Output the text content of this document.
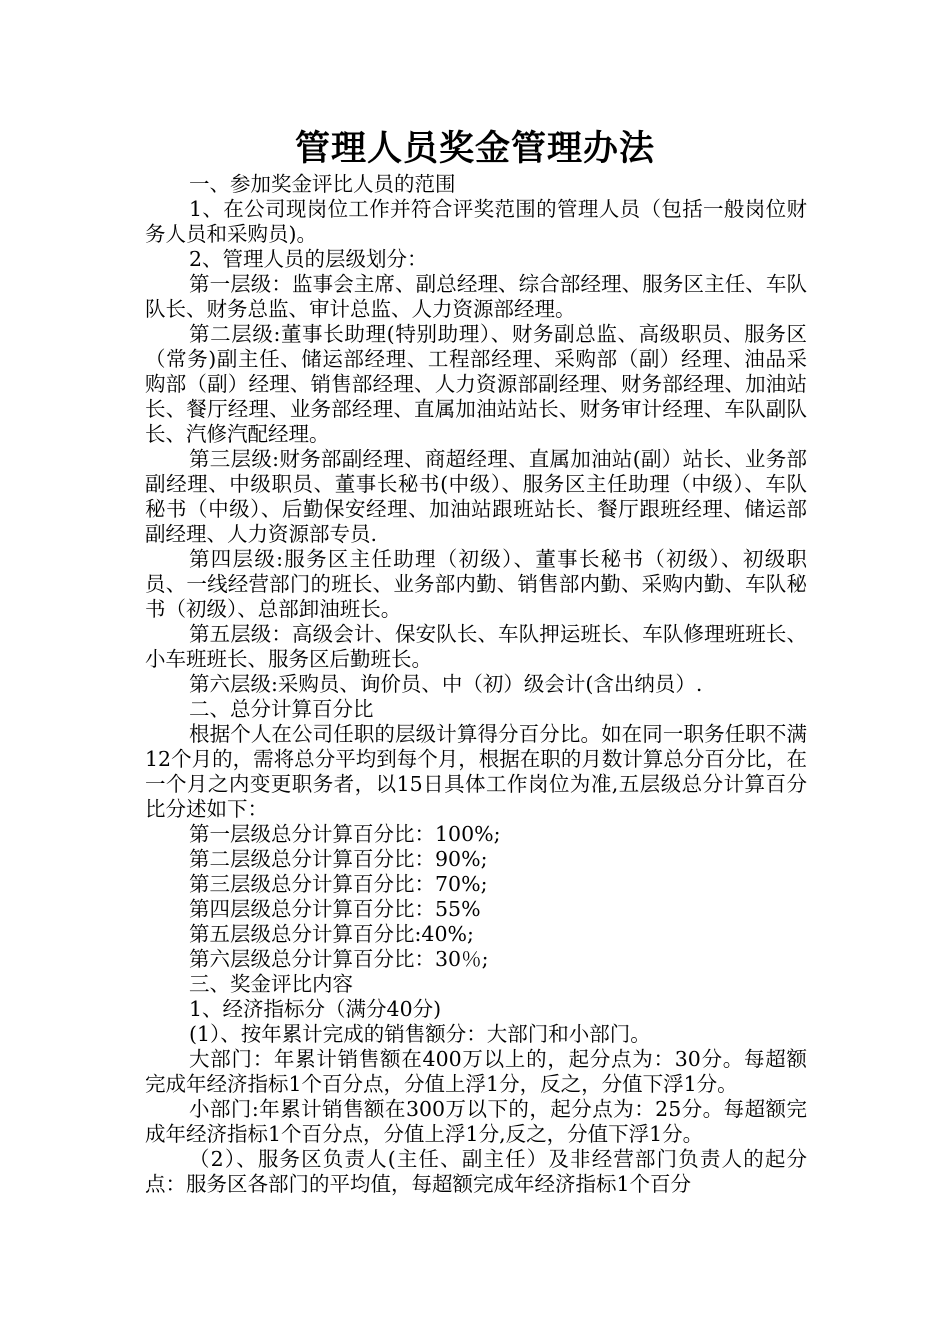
管理人员奖金管理办法

一、参加奖金评比人员的范围

1、在公司现岗位工作并符合评奖范围的管理人员（包括一般岗位财务人员和采购员)。

2、管理人员的层级划分：

第一层级：监事会主席、副总经理、综合部经理、服务区主任、车队队长、财务总监、审计总监、人力资源部经理。

第二层级:董事长助理(特别助理）、财务副总监、高级职员、服务区（常务)副主任、储运部经理、工程部经理、采购部（副）经理、油品采购部（副）经理、销售部经理、人力资源部副经理、财务部经理、加油站长、餐厅经理、业务部经理、直属加油站站长、财务审计经理、车队副队长、汽修汽配经理。

第三层级:财务部副经理、商超经理、直属加油站(副）站长、业务部副经理、中级职员、董事长秘书(中级）、服务区主任助理（中级）、车队秘书（中级）、后勤保安经理、加油站跟班站长、餐厅跟班经理、储运部副经理、人力资源部专员.

第四层级:服务区主任助理（初级）、董事长秘书（初级）、初级职员、一线经营部门的班长、业务部内勤、销售部内勤、采购内勤、车队秘书（初级）、总部卸油班长。

第五层级：高级会计、保安队长、车队押运班长、车队修理班班长、小车班班长、服务区后勤班长。

第六层级:采购员、询价员、中（初）级会计(含出纳员）.

二、总分计算百分比

根据个人在公司任职的层级计算得分百分比。如在同一职务任职不满12个月的，需将总分平均到每个月，根据在职的月数计算总分百分比，在一个月之内变更职务者，以15日具体工作岗位为准,五层级总分计算百分比分述如下：

第一层级总分计算百分比：100%;

第二层级总分计算百分比：90%;

第三层级总分计算百分比：70%;

第四层级总分计算百分比：55%

第五层级总分计算百分比:40%;

第六层级总分计算百分比：30％;

三、奖金评比内容

1、经济指标分（满分40分)

(1）、按年累计完成的销售额分：大部门和小部门。

大部门：年累计销售额在400万以上的，起分点为：30分。每超额完成年经济指标1个百分点，分值上浮1分，反之，分值下浮1分。

小部门:年累计销售额在300万以下的，起分点为：25分。每超额完成年经济指标1个百分点，分值上浮1分,反之，分值下浮1分。

（2）、服务区负责人(主任、副主任）及非经营部门负责人的起分点：服务区各部门的平均值，每超额完成年经济指标1个百分
